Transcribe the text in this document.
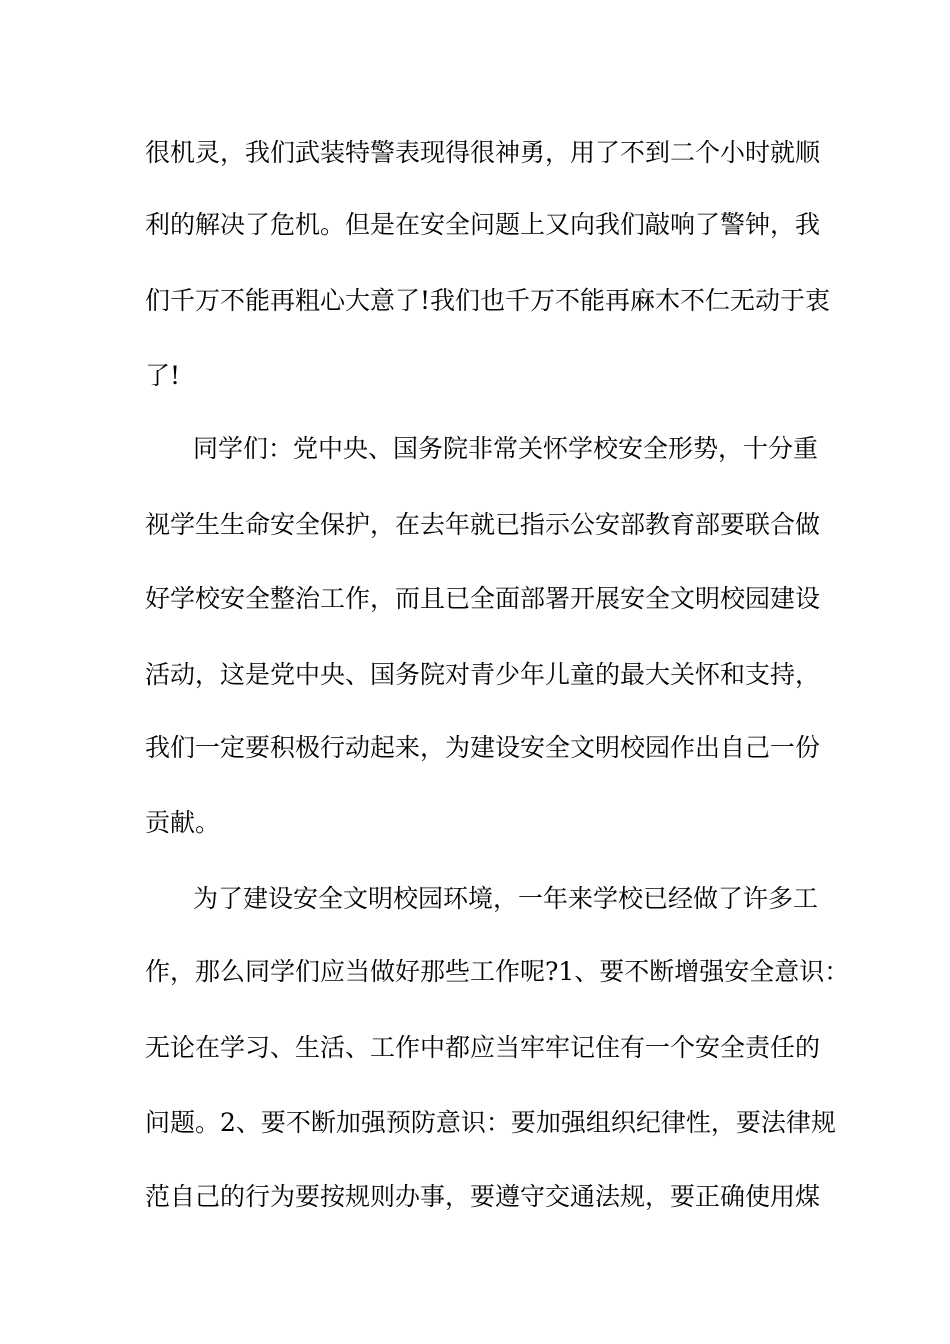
很机灵，我们武装特警表现得很神勇，用了不到二个小时就顺
利的解决了危机。但是在安全问题上又向我们敲响了警钟，我
们千万不能再粗心大意了!我们也千万不能再麻木不仁无动于衷
了!
同学们：党中央、国务院非常关怀学校安全形势，十分重
视学生生命安全保护，在去年就已指示公安部教育部要联合做
好学校安全整治工作，而且已全面部署开展安全文明校园建设
活动，这是党中央、国务院对青少年儿童的最大关怀和支持，
我们一定要积极行动起来，为建设安全文明校园作出自己一份
贡献。
为了建设安全文明校园环境，一年来学校已经做了许多工
作，那么同学们应当做好那些工作呢?1、要不断增强安全意识：
无论在学习、生活、工作中都应当牢牢记住有一个安全责任的
问题。2、要不断加强预防意识：要加强组织纪律性，要法律规
范自己的行为要按规则办事，要遵守交通法规，要正确使用煤
